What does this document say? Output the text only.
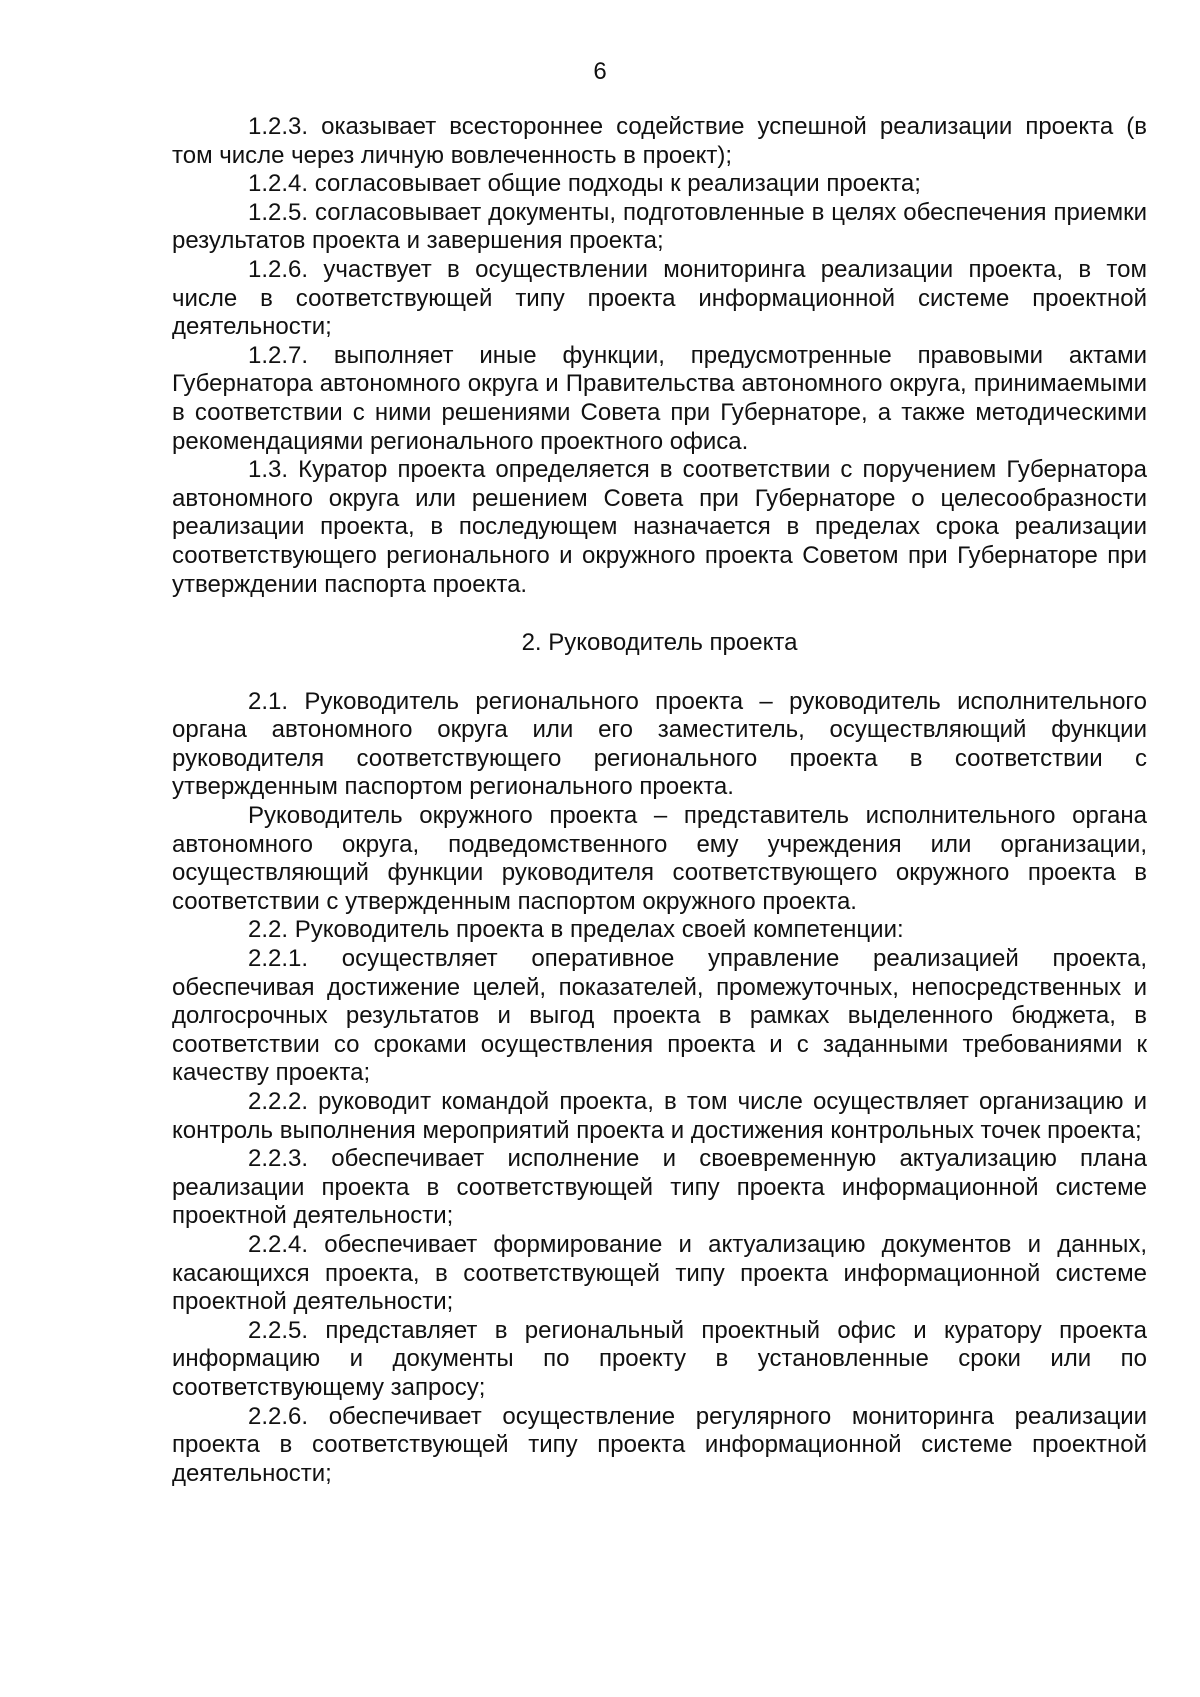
6

1.2.3. оказывает всестороннее содействие успешной реализации проекта (в том числе через личную вовлеченность в проект);

1.2.4. согласовывает общие подходы к реализации проекта;

1.2.5. согласовывает документы, подготовленные в целях обеспечения приемки результатов проекта и завершения проекта;

1.2.6. участвует в осуществлении мониторинга реализации проекта, в том числе в соответствующей типу проекта информационной системе проектной деятельности;

1.2.7. выполняет иные функции, предусмотренные правовыми актами Губернатора автономного округа и Правительства автономного округа, принимаемыми в соответствии с ними решениями Совета при Губернаторе, а также методическими рекомендациями регионального проектного офиса.

1.3. Куратор проекта определяется в соответствии с поручением Губернатора автономного округа или решением Совета при Губернаторе о целесообразности реализации проекта, в последующем назначается в пределах срока реализации соответствующего регионального и окружного проекта Советом при Губернаторе при утверждении паспорта проекта.

2. Руководитель проекта

2.1. Руководитель регионального проекта – руководитель исполнительного органа автономного округа или его заместитель, осуществляющий функции руководителя соответствующего регионального проекта в соответствии с утвержденным паспортом регионального проекта.

Руководитель окружного проекта – представитель исполнительного органа автономного округа, подведомственного ему учреждения или организации, осуществляющий функции руководителя соответствующего окружного проекта в соответствии с утвержденным паспортом окружного проекта.

2.2. Руководитель проекта в пределах своей компетенции:

2.2.1. осуществляет оперативное управление реализацией проекта, обеспечивая достижение целей, показателей, промежуточных, непосредственных и долгосрочных результатов и выгод проекта в рамках выделенного бюджета, в соответствии со сроками осуществления проекта и с заданными требованиями к качеству проекта;

2.2.2. руководит командой проекта, в том числе осуществляет организацию и контроль выполнения мероприятий проекта и достижения контрольных точек проекта;

2.2.3. обеспечивает исполнение и своевременную актуализацию плана реализации проекта в соответствующей типу проекта информационной системе проектной деятельности;

2.2.4. обеспечивает формирование и актуализацию документов и данных, касающихся проекта, в соответствующей типу проекта информационной системе проектной деятельности;

2.2.5. представляет в региональный проектный офис и куратору проекта информацию и документы по проекту в установленные сроки или по соответствующему запросу;

2.2.6. обеспечивает осуществление регулярного мониторинга реализации проекта в соответствующей типу проекта информационной системе проектной деятельности;
